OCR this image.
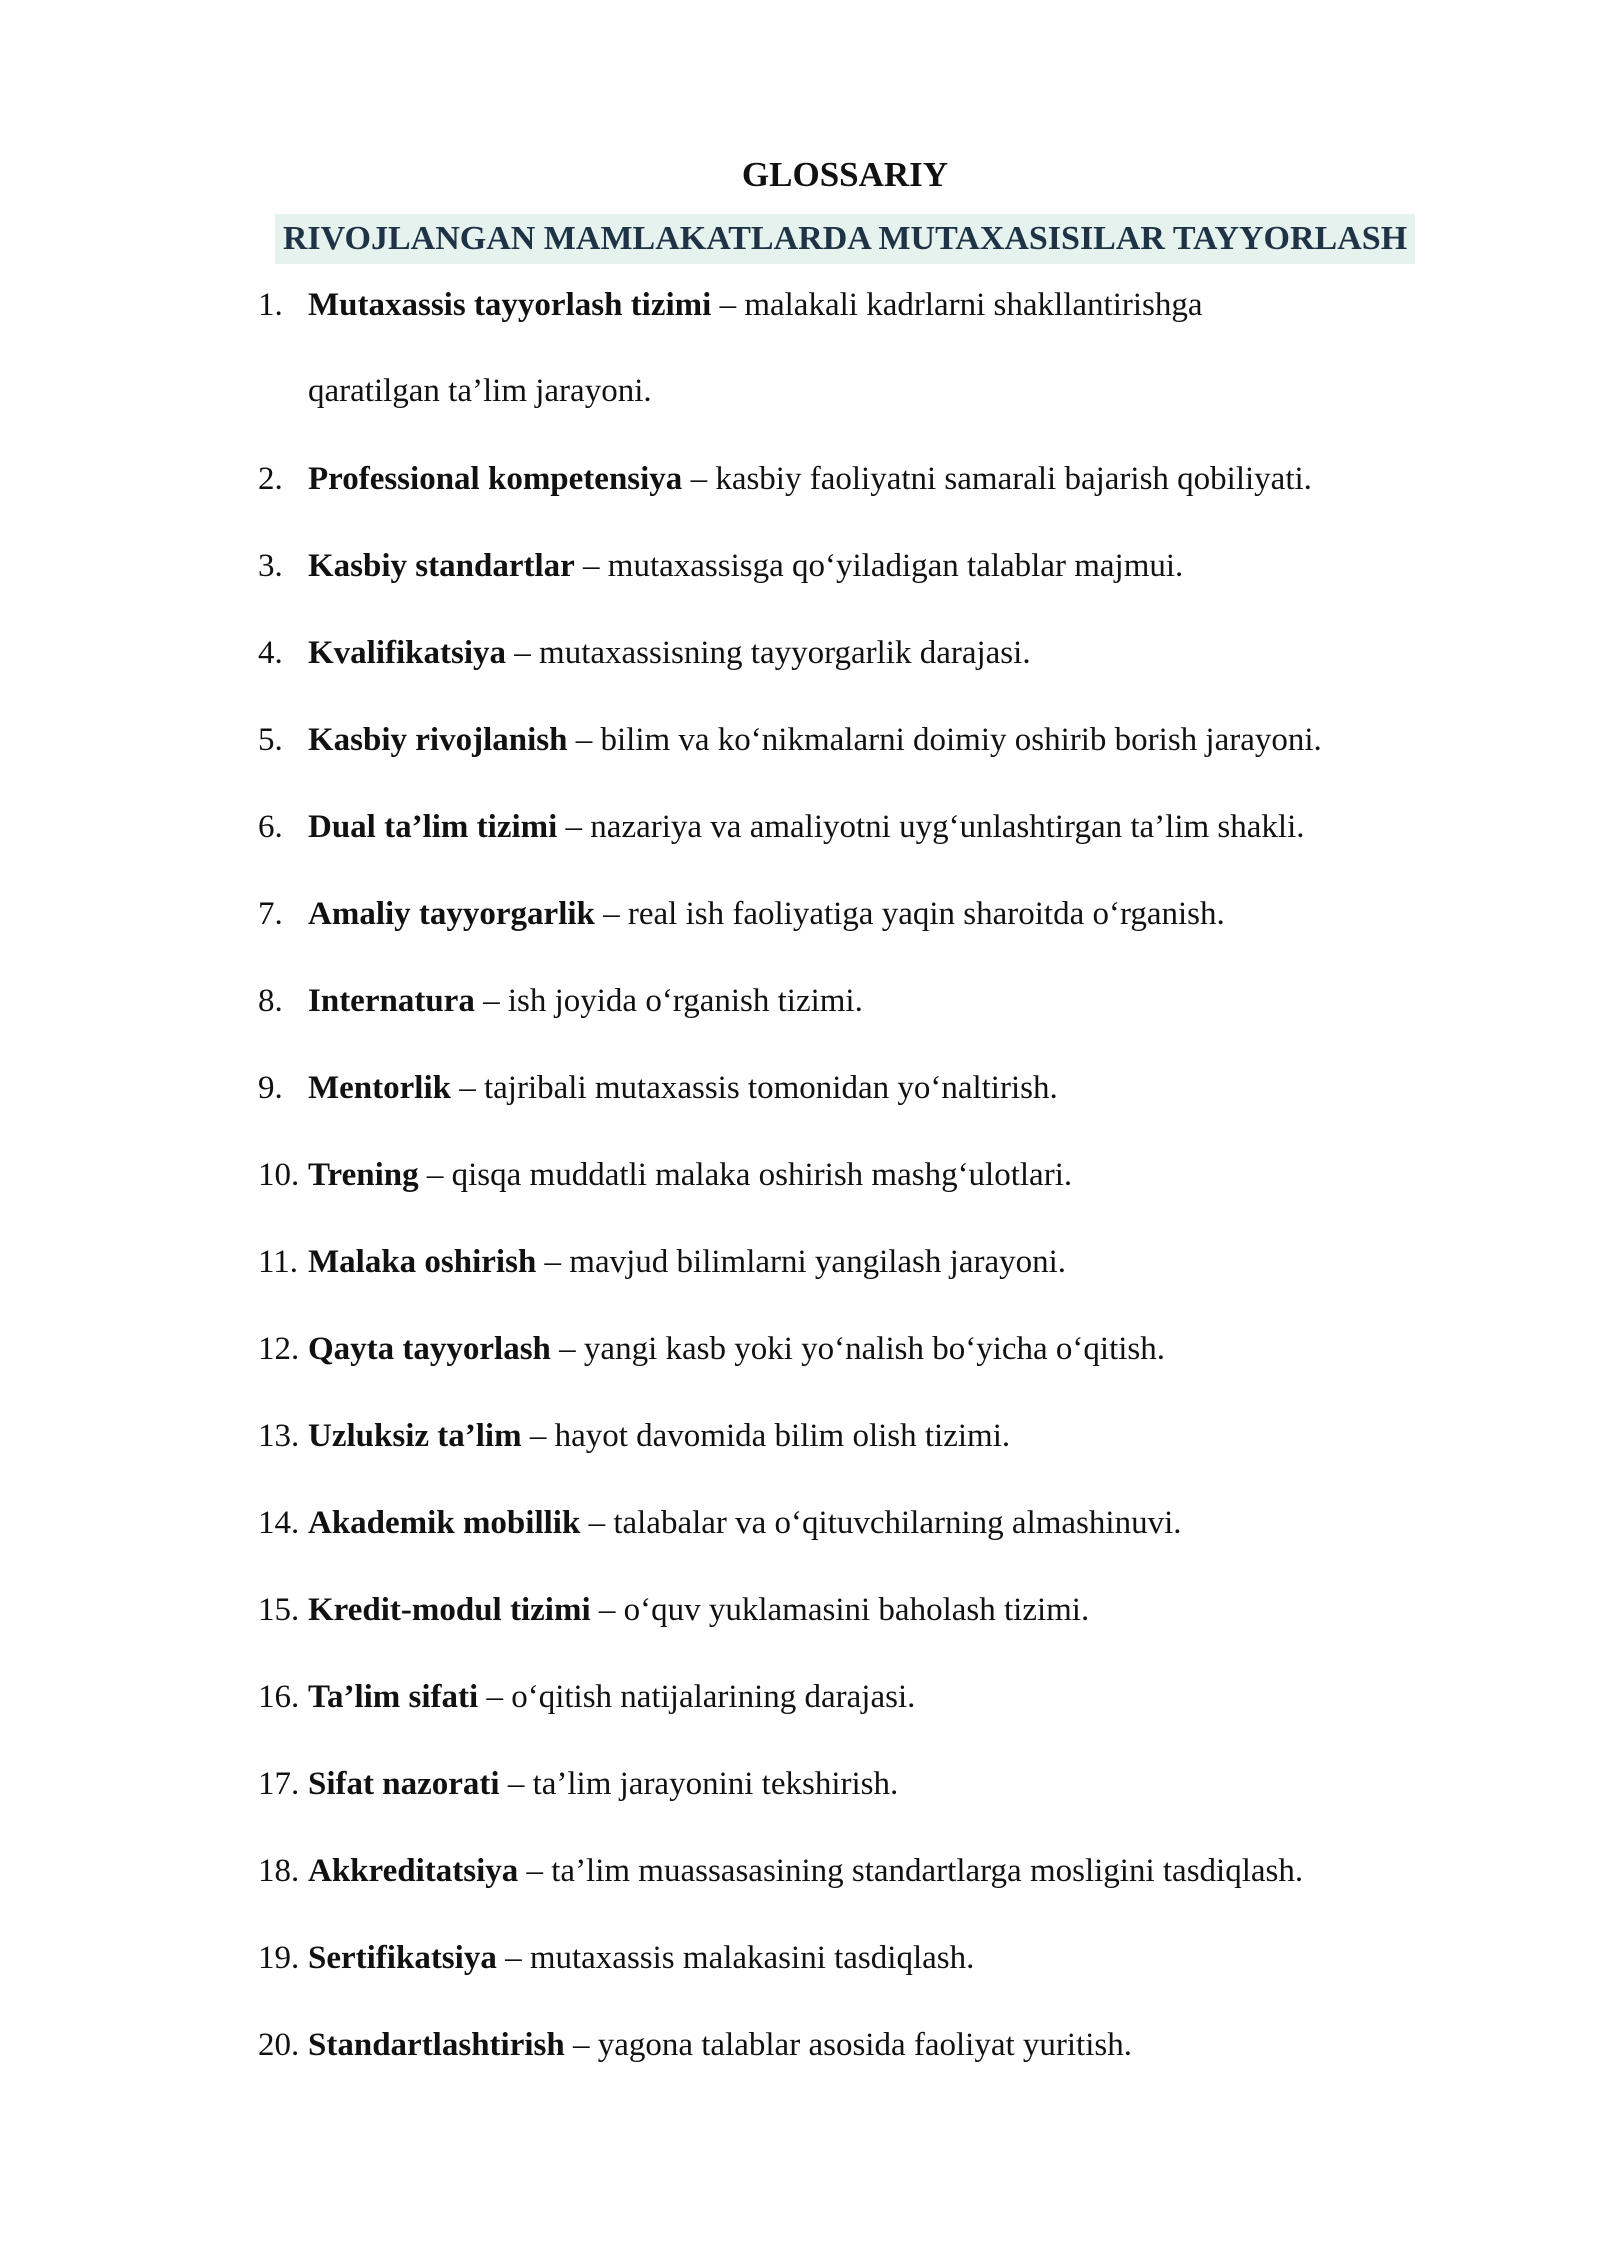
GLOSSARIY
RIVOJLANGAN MAMLAKATLARDA MUTAXASISILAR TAYYORLASH
1. Mutaxassis tayyorlash tizimi – malakali kadrlarni shakllantirishga
qaratilgan ta’lim jarayoni.
2. Professional kompetensiya – kasbiy faoliyatni samarali bajarish qobiliyati.
3. Kasbiy standartlar – mutaxassisga qo‘yiladigan talablar majmui.
4. Kvalifikatsiya – mutaxassisning tayyorgarlik darajasi.
5. Kasbiy rivojlanish – bilim va ko‘nikmalarni doimiy oshirib borish jarayoni.
6. Dual ta’lim tizimi – nazariya va amaliyotni uyg‘unlashtirgan ta’lim shakli.
7. Amaliy tayyorgarlik – real ish faoliyatiga yaqin sharoitda o‘rganish.
8. Internatura – ish joyida o‘rganish tizimi.
9. Mentorlik – tajribali mutaxassis tomonidan yo‘naltirish.
10. Trening – qisqa muddatli malaka oshirish mashg‘ulotlari.
11. Malaka oshirish – mavjud bilimlarni yangilash jarayoni.
12. Qayta tayyorlash – yangi kasb yoki yo‘nalish bo‘yicha o‘qitish.
13. Uzluksiz ta’lim – hayot davomida bilim olish tizimi.
14. Akademik mobillik – talabalar va o‘qituvchilarning almashinuvi.
15. Kredit-modul tizimi – o‘quv yuklamasini baholash tizimi.
16. Ta’lim sifati – o‘qitish natijalarining darajasi.
17. Sifat nazorati – ta’lim jarayonini tekshirish.
18. Akkreditatsiya – ta’lim muassasasining standartlarga mosligini tasdiqlash.
19. Sertifikatsiya – mutaxassis malakasini tasdiqlash.
20. Standartlashtirish – yagona talablar asosida faoliyat yuritish.
